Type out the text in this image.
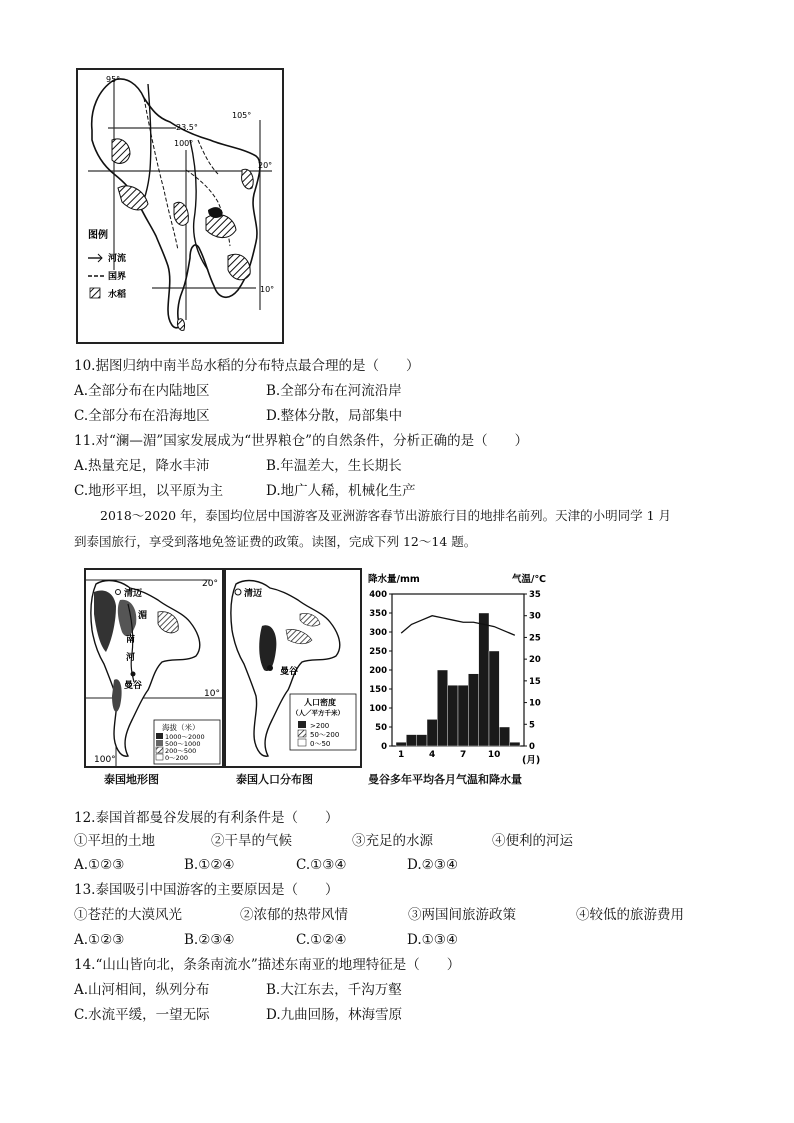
95°
100°
105°
23.5°
20°
10°
图例
河流
国界
水稻
10.据图归纳中南半岛水稻的分布特点最合理的是（　　）
A.全部分布在内陆地区	B.全部分布在河流沿岸
C.全部分布在沿海地区	D.整体分散，局部集中
11.对“澜—湄”国家发展成为“世界粮仓”的自然条件，分析正确的是（　　）
A.热量充足，降水丰沛	B.年温差大，生长期长
C.地形平坦，以平原为主	D.地广人稀，机械化生产
2018～2020 年，泰国均位居中国游客及亚洲游客春节出游旅行目的地排名前列。天津的小明同学 1 月
到泰国旅行，享受到落地免签证费的政策。读图，完成下列 12～14 题。
20°
清迈
湄
南
河
曼谷
10°
100°
海拔（米）
1000～2000
500～1000
200～500
0～200
泰国地形图
清迈
曼谷
人口密度
（人／平方千米）
>200
50～200
0～50
泰国人口分布图
降水量/mm	气温/℃
(月)
0
50
100
150
200
250
300
350
400
0
5
10
15
20
25
30
35
1	4	7 10
曼谷多年平均各月气温和降水量
12.泰国首都曼谷发展的有利条件是（　　）
①平坦的土地	②干旱的气候	③充足的水源	④便利的河运
A.①②③	B.①②④	C.①③④	D.②③④
13.泰国吸引中国游客的主要原因是（　　）
①苍茫的大漠风光	②浓郁的热带风情	③两国间旅游政策	④较低的旅游费用
A.①②③	B.②③④	C.①②④	D.①③④
14.“山山皆向北，条条南流水”描述东南亚的地理特征是（　　）
A.山河相间，纵列分布	B.大江东去，千沟万壑
C.水流平缓，一望无际	D.九曲回肠，林海雪原
